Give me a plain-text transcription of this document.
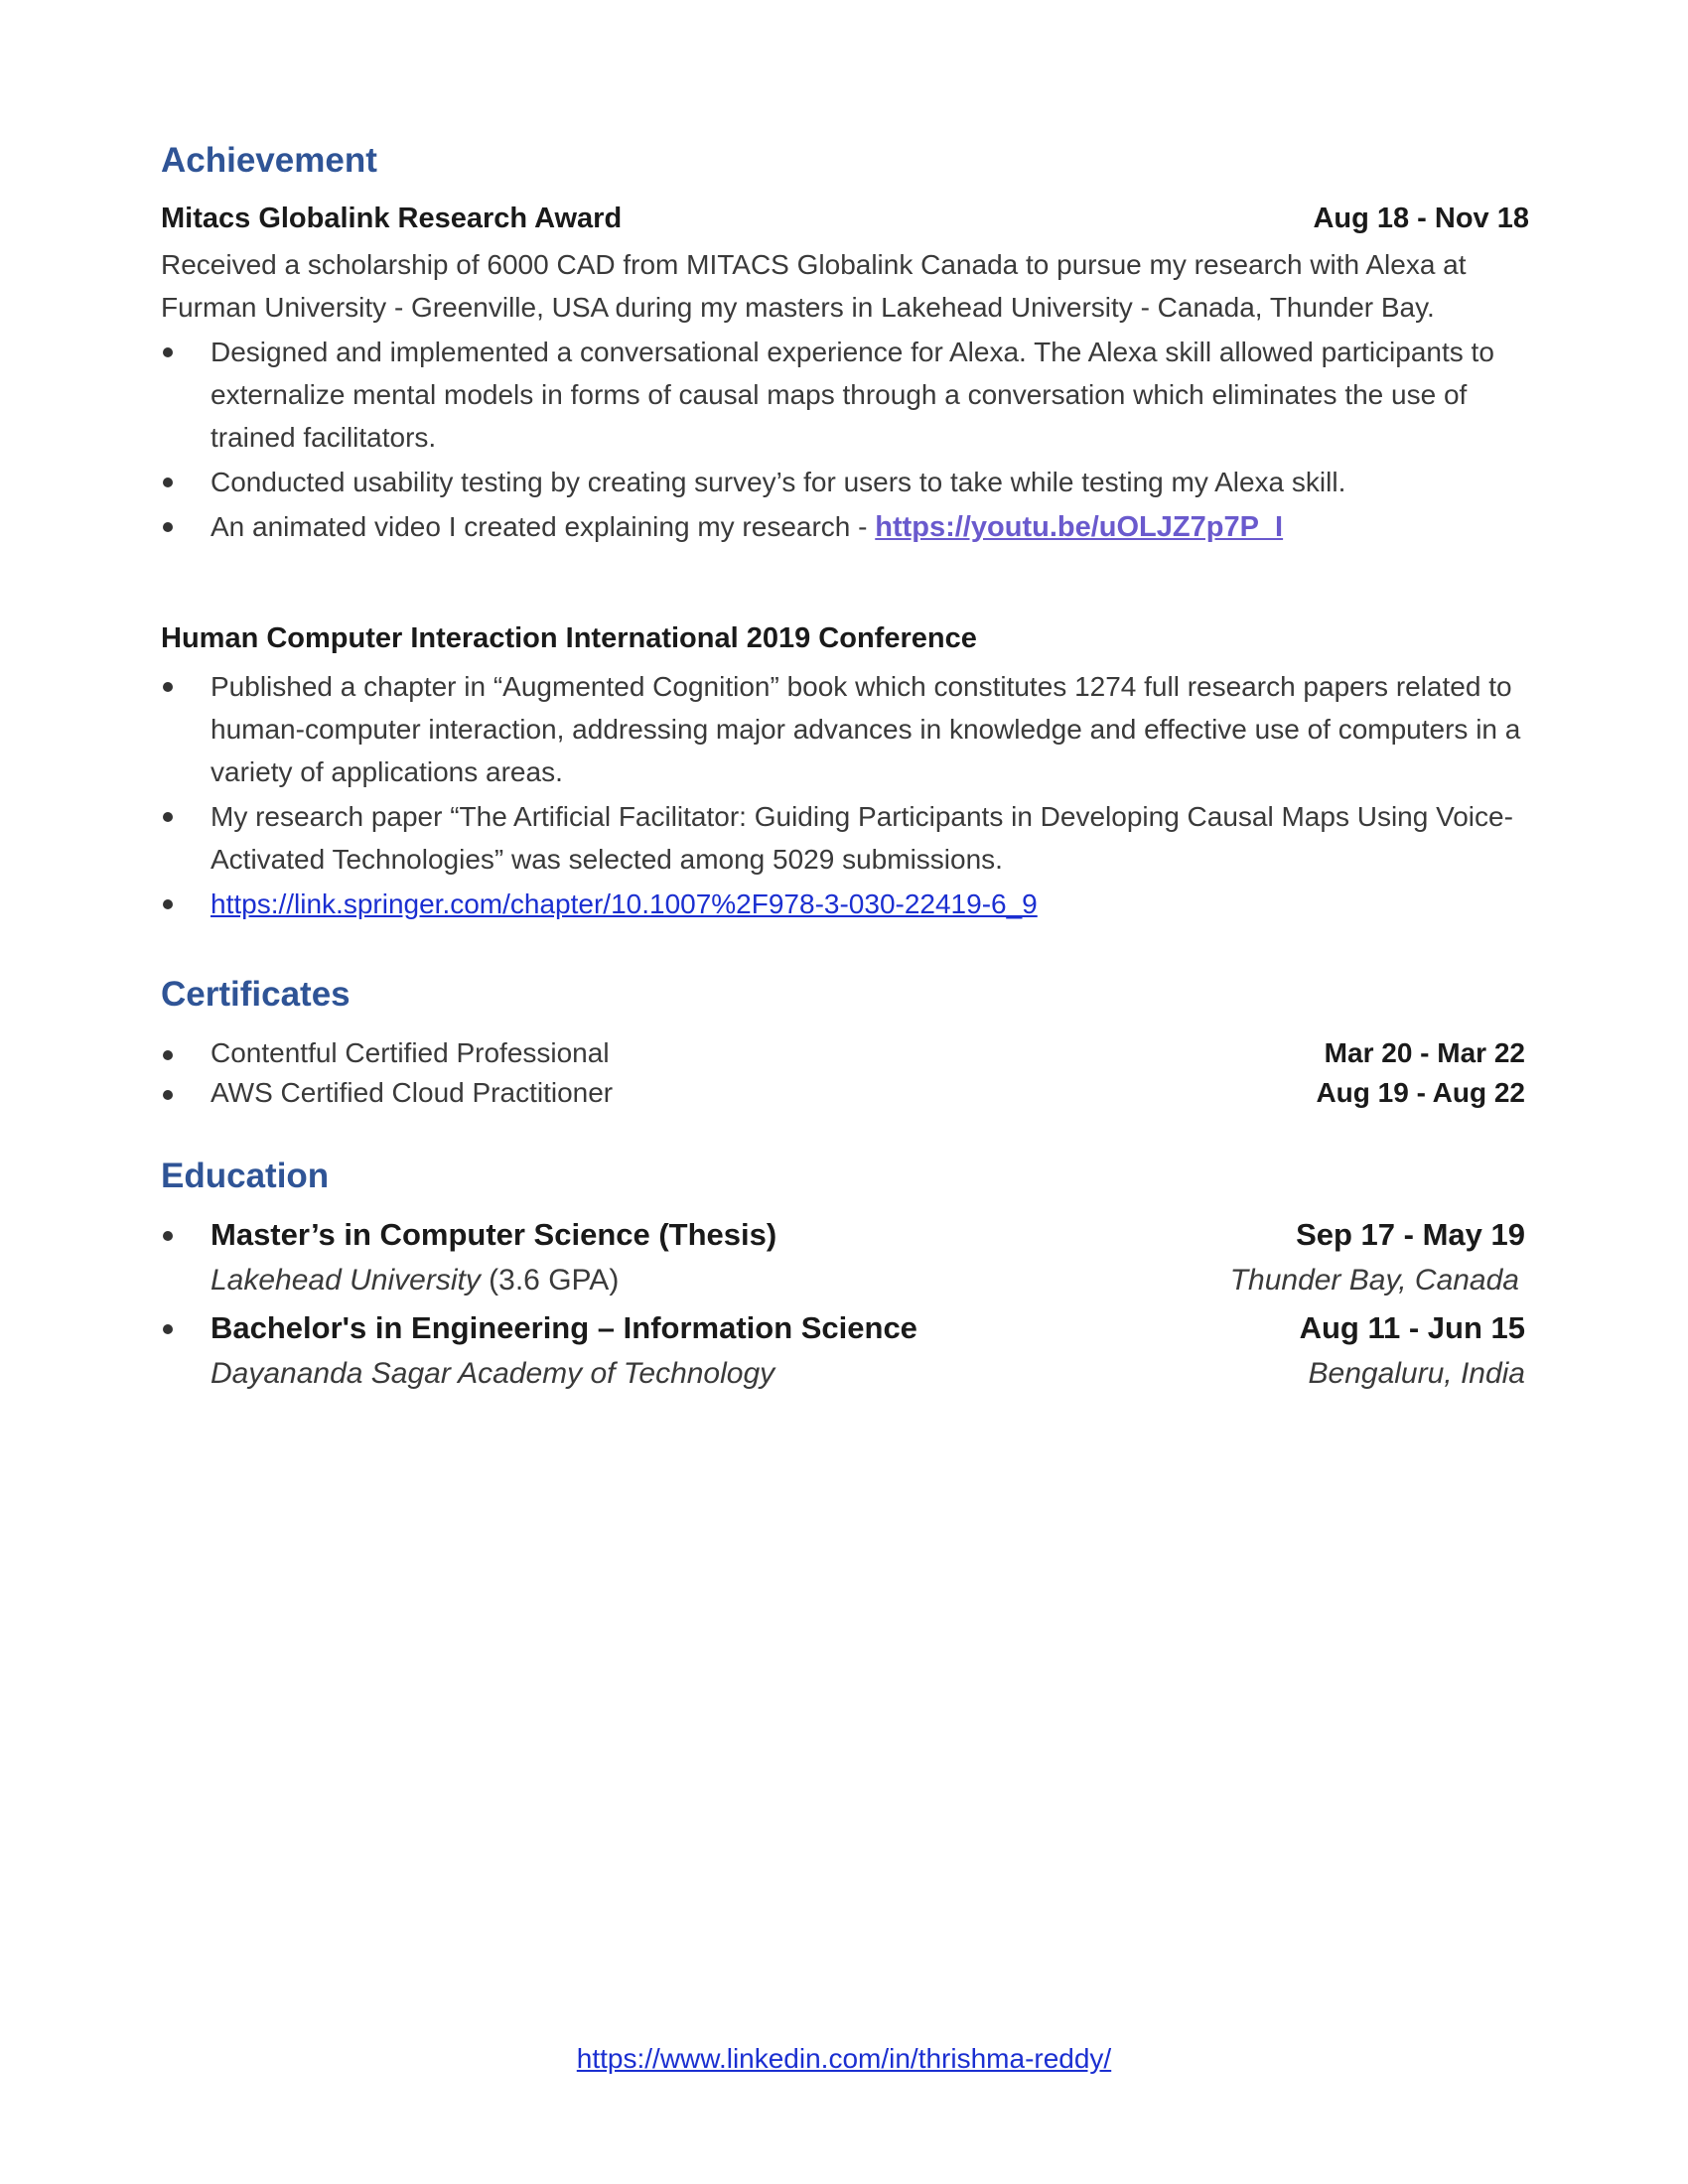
Achievement
Mitacs Globalink Research Award	Aug 18 - Nov 18

Received a scholarship of 6000 CAD from MITACS Globalink Canada to pursue my research with Alexa at Furman University - Greenville, USA during my masters in Lakehead University - Canada, Thunder Bay.

Designed and implemented a conversational experience for Alexa. The Alexa skill allowed participants to externalize mental models in forms of causal maps through a conversation which eliminates the use of trained facilitators.
Conducted usability testing by creating survey’s for users to take while testing my Alexa skill.
An animated video I created explaining my research - https://youtu.be/uOLJZ7p7P_I
Human Computer Interaction International 2019 Conference
Published a chapter in “Augmented Cognition” book which constitutes 1274 full research papers related to human-computer interaction, addressing major advances in knowledge and effective use of computers in a variety of applications areas.
My research paper “The Artificial Facilitator: Guiding Participants in Developing Causal Maps Using Voice-Activated Technologies” was selected among 5029 submissions.
https://link.springer.com/chapter/10.1007%2F978-3-030-22419-6_9
Certificates
Contentful Certified Professional	Mar 20 - Mar 22
AWS Certified Cloud Practitioner	Aug 19 - Aug 22
Education
Master’s in Computer Science (Thesis)	Sep 17 - May 19
Lakehead University (3.6 GPA)	Thunder Bay, Canada
Bachelor's in Engineering – Information Science	Aug 11 - Jun 15
Dayananda Sagar Academy of Technology	Bengaluru, India
https://www.linkedin.com/in/thrishma-reddy/
